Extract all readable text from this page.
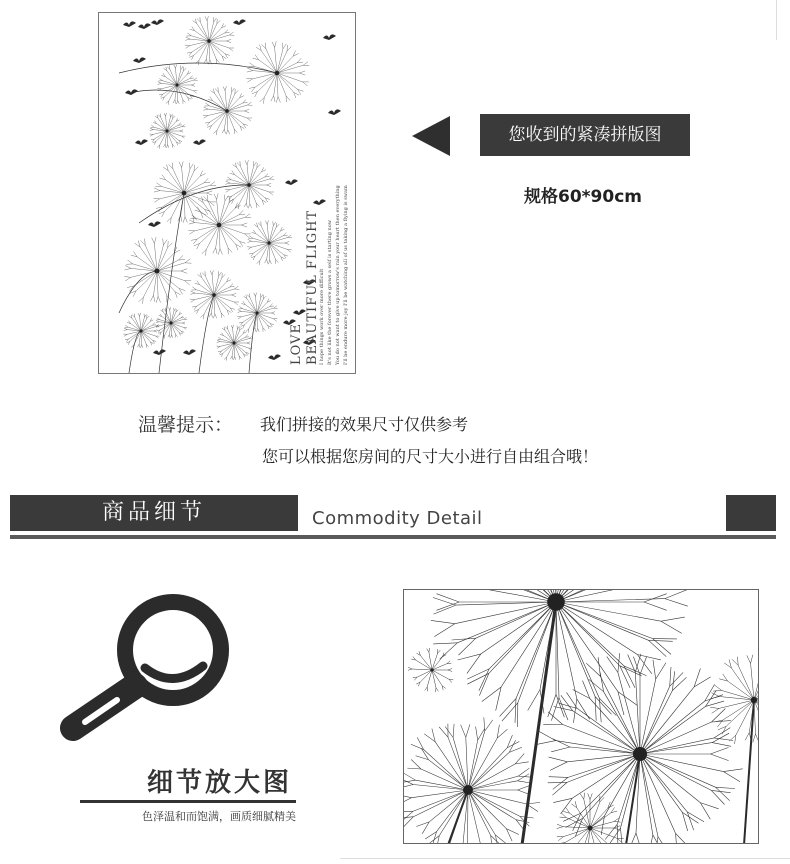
LOVE BEAUTIFUL FLIGHT I hope things work over more difficult It's not like the forever there grows a self is starting now You do not want to give up tomorrow's rain your heart then everything I'll be endure more joy I'll be watching all of us taking a flying is swam
您收到的紧凑拼版图
规格60*90cm
温馨提示： 我们拼接的效果尺寸仅供参考
您可以根据您房间的尺寸大小进行自由组合哦！
商品细节	Commodity Detail
细节放大图
色泽温和而饱满，画质细腻精美
